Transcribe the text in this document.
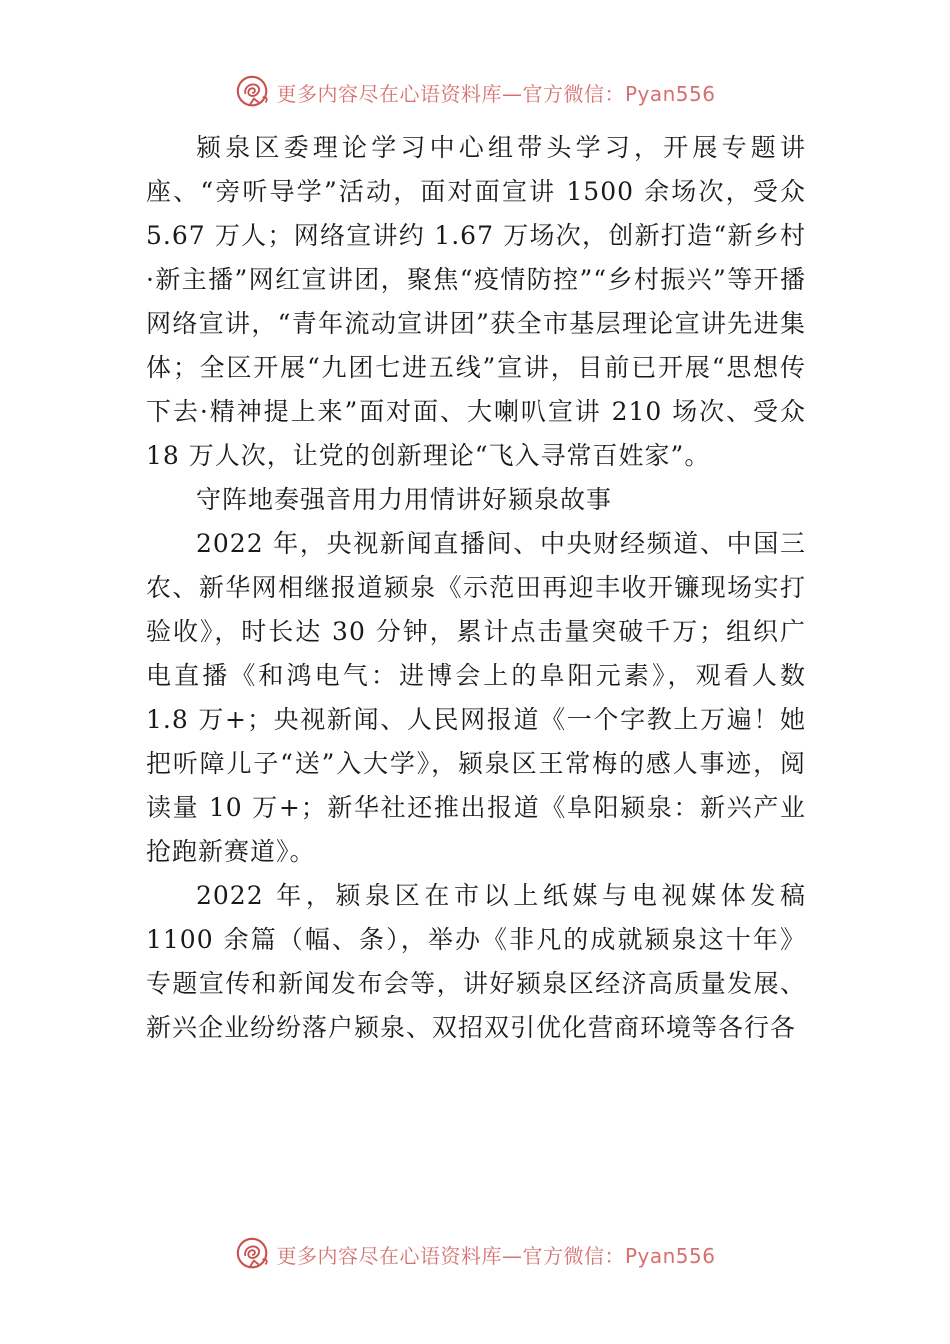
更多内容尽在心语资料库—官方微信：Pyan556

颍泉区委理论学习中心组带头学习，开展专题讲座、“旁听导学”活动，面对面宣讲 1500 余场次，受众 5.67 万人；网络宣讲约 1.67 万场次，创新打造“新乡村·新主播”网红宣讲团，聚焦“疫情防控”“乡村振兴”等开播网络宣讲，“青年流动宣讲团”获全市基层理论宣讲先进集体；全区开展“九团七进五线”宣讲，目前已开展“思想传下去·精神提上来”面对面、大喇叭宣讲 210 场次、受众 18 万人次，让党的创新理论“飞入寻常百姓家”。

守阵地奏强音用力用情讲好颍泉故事

2022 年，央视新闻直播间、中央财经频道、中国三农、新华网相继报道颍泉《示范田再迎丰收开镰现场实打验收》，时长达 30 分钟，累计点击量突破千万；组织广电直播《和鸿电气：进博会上的阜阳元素》，观看人数 1.8 万+；央视新闻、人民网报道《一个字教上万遍！她把听障儿子“送”入大学》，颍泉区王常梅的感人事迹，阅读量 10 万+；新华社还推出报道《阜阳颍泉：新兴产业抢跑新赛道》。

2022 年，颍泉区在市以上纸媒与电视媒体发稿 1100 余篇（幅、条），举办《非凡的成就颍泉这十年》专题宣传和新闻发布会等，讲好颍泉区经济高质量发展、新兴企业纷纷落户颍泉、双招双引优化营商环境等各行各

更多内容尽在心语资料库—官方微信：Pyan556
